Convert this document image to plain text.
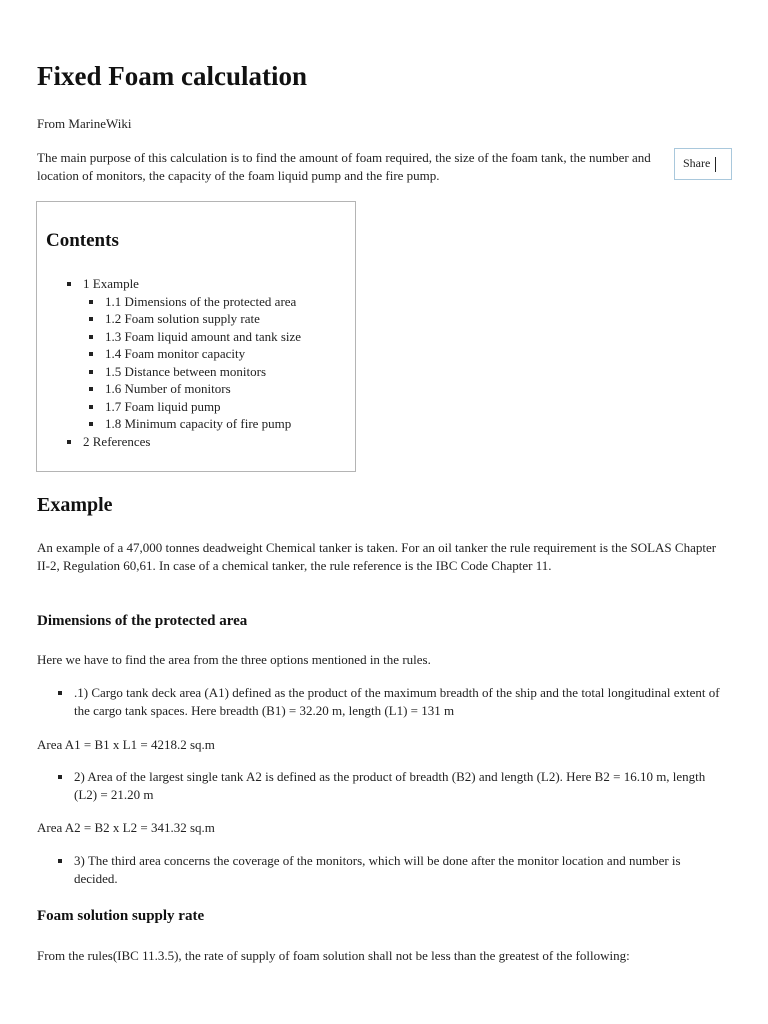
Fixed Foam calculation

From MarineWiki

The main purpose of this calculation is to find the amount of foam required, the size of the foam tank, the number and location of monitors, the capacity of the foam liquid pump and the fire pump.

Share
Contents
1 Example
1.1 Dimensions of the protected area
1.2 Foam solution supply rate
1.3 Foam liquid amount and tank size
1.4 Foam monitor capacity
1.5 Distance between monitors
1.6 Number of monitors
1.7 Foam liquid pump
1.8 Minimum capacity of fire pump
2 References
Example

An example of a 47,000 tonnes deadweight Chemical tanker is taken. For an oil tanker the rule requirement is the SOLAS Chapter II-2, Regulation 60,61. In case of a chemical tanker, the rule reference is the IBC Code Chapter 11.

Dimensions of the protected area

Here we have to find the area from the three options mentioned in the rules.

.1) Cargo tank deck area (A1) defined as the product of the maximum breadth of the ship and the total longitudinal extent of the cargo tank spaces. Here breadth (B1) = 32.20 m, length (L1) = 131 m

Area A1 = B1 x L1 = 4218.2 sq.m

2) Area of the largest single tank A2 is defined as the product of breadth (B2) and length (L2). Here B2 = 16.10 m, length (L2) = 21.20 m

Area A2 = B2 x L2 = 341.32 sq.m

3) The third area concerns the coverage of the monitors, which will be done after the monitor location and number is decided.
Foam solution supply rate

From the rules(IBC 11.3.5), the rate of supply of foam solution shall not be less than the greatest of the following:
